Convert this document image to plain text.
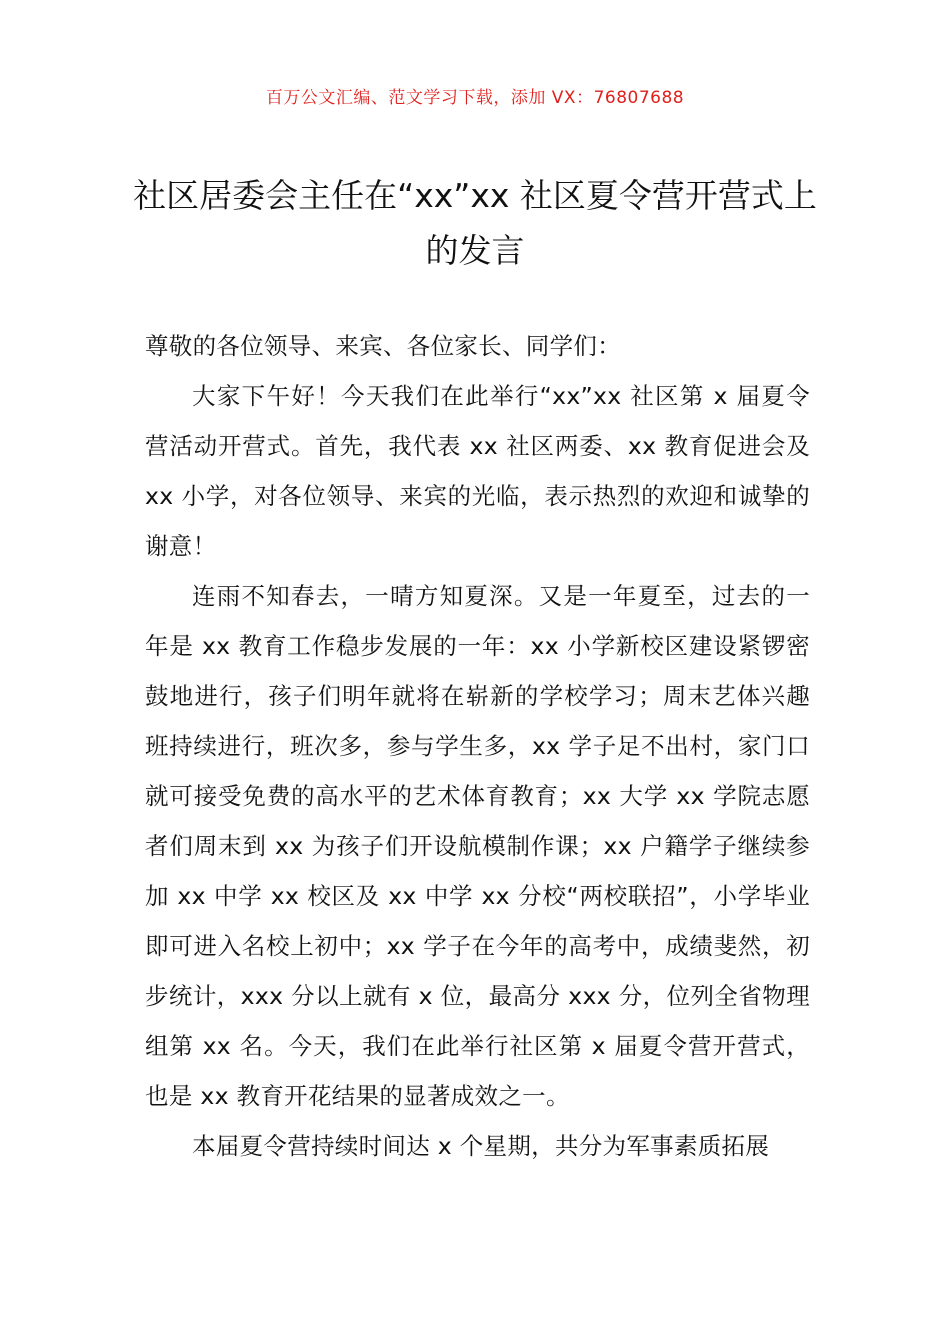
百万公文汇编、范文学习下载，添加 VX：76807688
社区居委会主任在“xx”xx 社区夏令营开营式上的发言

尊敬的各位领导、来宾、各位家长、同学们：

大家下午好！今天我们在此举行“xx”xx 社区第 x 届夏令营活动开营式。首先，我代表 xx 社区两委、xx 教育促进会及 xx 小学，对各位领导、来宾的光临，表示热烈的欢迎和诚挚的谢意！

连雨不知春去，一晴方知夏深。又是一年夏至，过去的一年是 xx 教育工作稳步发展的一年：xx 小学新校区建设紧锣密鼓地进行，孩子们明年就将在崭新的学校学习；周末艺体兴趣班持续进行，班次多，参与学生多，xx 学子足不出村，家门口就可接受免费的高水平的艺术体育教育；xx 大学 xx 学院志愿者们周末到 xx 为孩子们开设航模制作课；xx 户籍学子继续参加 xx 中学 xx 校区及 xx 中学 xx 分校“两校联招”，小学毕业即可进入名校上初中；xx 学子在今年的高考中，成绩斐然，初步统计，xxx 分以上就有 x 位，最高分 xxx 分，位列全省物理组第 xx 名。今天，我们在此举行社区第 x 届夏令营开营式，也是 xx 教育开花结果的显著成效之一。

本届夏令营持续时间达 x 个星期，共分为军事素质拓展
